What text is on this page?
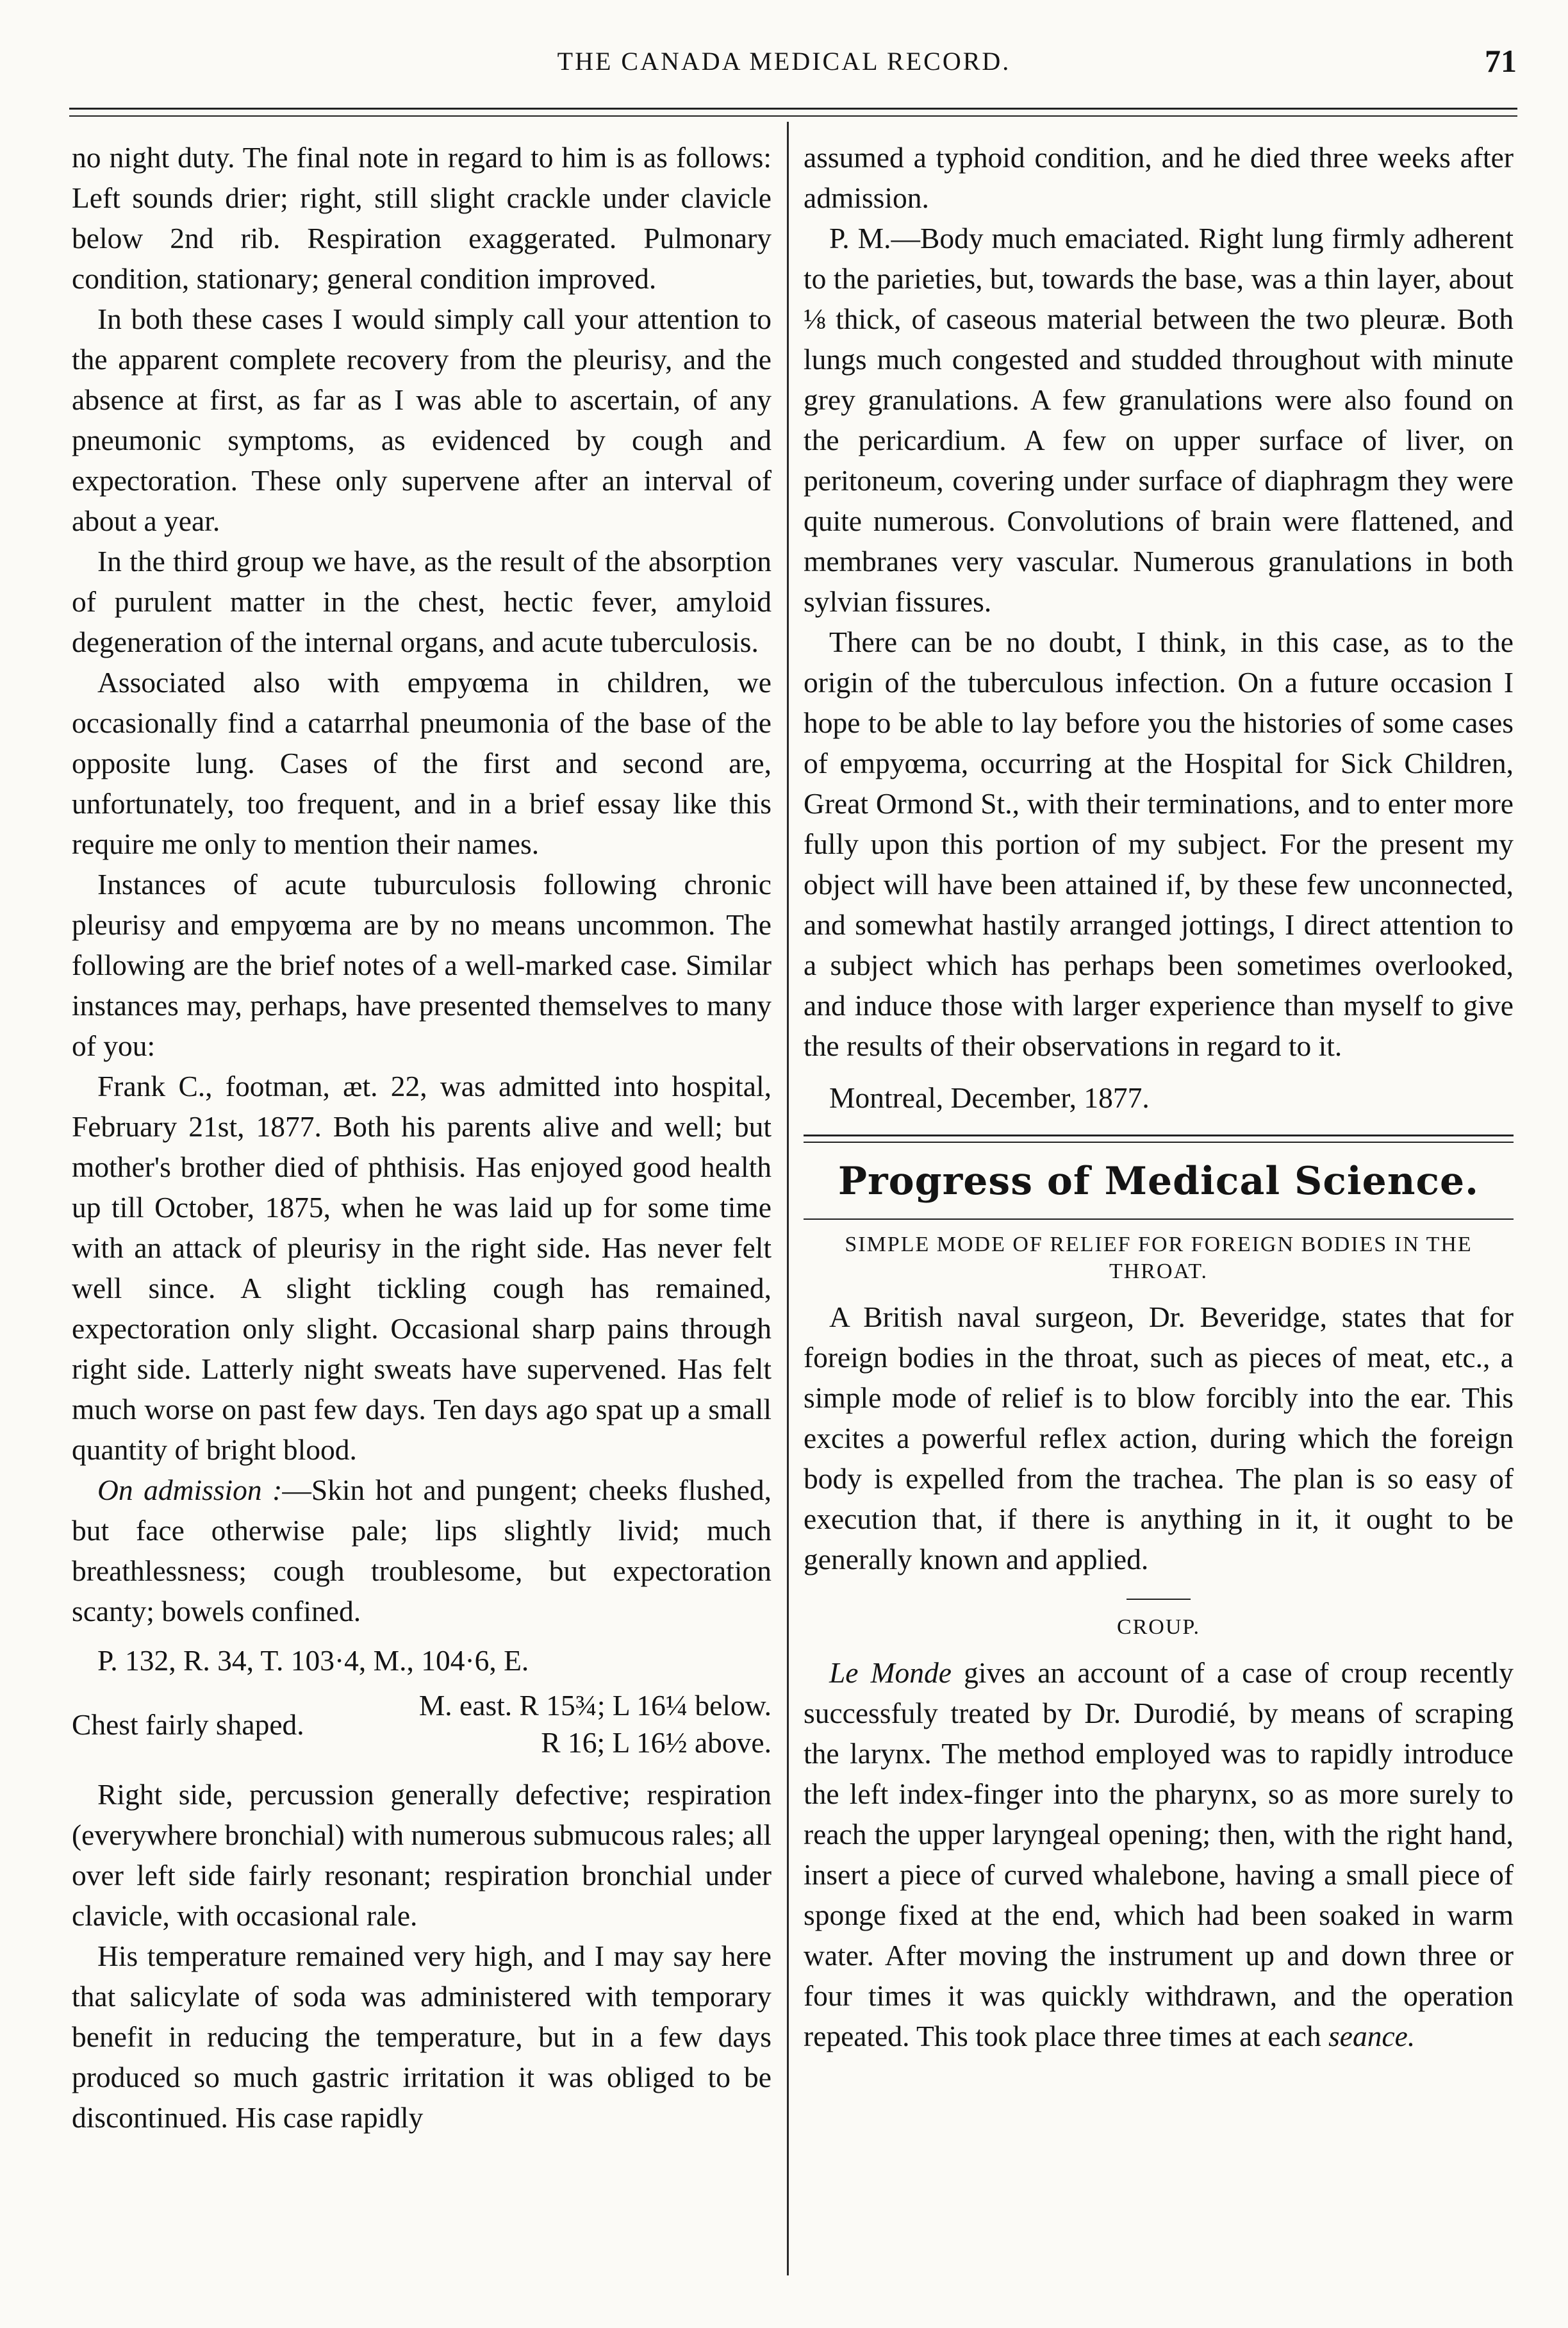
THE CANADA MEDICAL RECORD.	71

no night duty. The final note in regard to him is as follows: Left sounds drier; right, still slight crackle under clavicle below 2nd rib. Respiration exaggerated. Pulmonary condition, stationary; general condition improved.

In both these cases I would simply call your attention to the apparent complete recovery from the pleurisy, and the absence at first, as far as I was able to ascertain, of any pneumonic symptoms, as evidenced by cough and expectoration. These only supervene after an interval of about a year.

In the third group we have, as the result of the absorption of purulent matter in the chest, hectic fever, amyloid degeneration of the internal organs, and acute tuberculosis.

Associated also with empyœma in children, we occasionally find a catarrhal pneumonia of the base of the opposite lung. Cases of the first and second are, unfortunately, too frequent, and in a brief essay like this require me only to mention their names.

Instances of acute tuburculosis following chronic pleurisy and empyœma are by no means uncommon. The following are the brief notes of a well-marked case. Similar instances may, perhaps, have presented themselves to many of you:

Frank C., footman, æt. 22, was admitted into hospital, February 21st, 1877. Both his parents alive and well; but mother's brother died of phthisis. Has enjoyed good health up till October, 1875, when he was laid up for some time with an attack of pleurisy in the right side. Has never felt well since. A slight tickling cough has remained, expectoration only slight. Occasional sharp pains through right side. Latterly night sweats have supervened. Has felt much worse on past few days. Ten days ago spat up a small quantity of bright blood.

On admission :—Skin hot and pungent; cheeks flushed, but face otherwise pale; lips slightly livid; much breathlessness; cough troublesome, but expectoration scanty; bowels confined.

P. 132, R. 34, T. 103·4, M., 104·6, E.

Chest fairly shaped.
M. east. R 15¾; L 16¼ below.
R 16; L 16½ above.

Right side, percussion generally defective; respiration (everywhere bronchial) with numerous submucous rales; all over left side fairly resonant; respiration bronchial under clavicle, with occasional rale.

His temperature remained very high, and I may say here that salicylate of soda was administered with temporary benefit in reducing the temperature, but in a few days produced so much gastric irritation it was obliged to be discontinued. His case rapidly

assumed a typhoid condition, and he died three weeks after admission.

P. M.—Body much emaciated. Right lung firmly adherent to the parieties, but, towards the base, was a thin layer, about ⅛ thick, of caseous material between the two pleuræ. Both lungs much congested and studded throughout with minute grey granulations. A few granulations were also found on the pericardium. A few on upper surface of liver, on peritoneum, covering under surface of diaphragm they were quite numerous. Convolutions of brain were flattened, and membranes very vascular. Numerous granulations in both sylvian fissures.

There can be no doubt, I think, in this case, as to the origin of the tuberculous infection. On a future occasion I hope to be able to lay before you the histories of some cases of empyœma, occurring at the Hospital for Sick Children, Great Ormond St., with their terminations, and to enter more fully upon this portion of my subject. For the present my object will have been attained if, by these few unconnected, and somewhat hastily arranged jottings, I direct attention to a subject which has perhaps been sometimes overlooked, and induce those with larger experience than myself to give the results of their observations in regard to it.

Montreal, December, 1877.

Progress of Medical Science.
SIMPLE MODE OF RELIEF FOR FOREIGN BODIES IN THE THROAT.

A British naval surgeon, Dr. Beveridge, states that for foreign bodies in the throat, such as pieces of meat, etc., a simple mode of relief is to blow forcibly into the ear. This excites a powerful reflex action, during which the foreign body is expelled from the trachea. The plan is so easy of execution that, if there is anything in it, it ought to be generally known and applied.

CROUP.

Le Monde gives an account of a case of croup recently successfuly treated by Dr. Durodié, by means of scraping the larynx. The method employed was to rapidly introduce the left index-finger into the pharynx, so as more surely to reach the upper laryngeal opening; then, with the right hand, insert a piece of curved whalebone, having a small piece of sponge fixed at the end, which had been soaked in warm water. After moving the instrument up and down three or four times it was quickly withdrawn, and the operation repeated. This took place three times at each seance.
